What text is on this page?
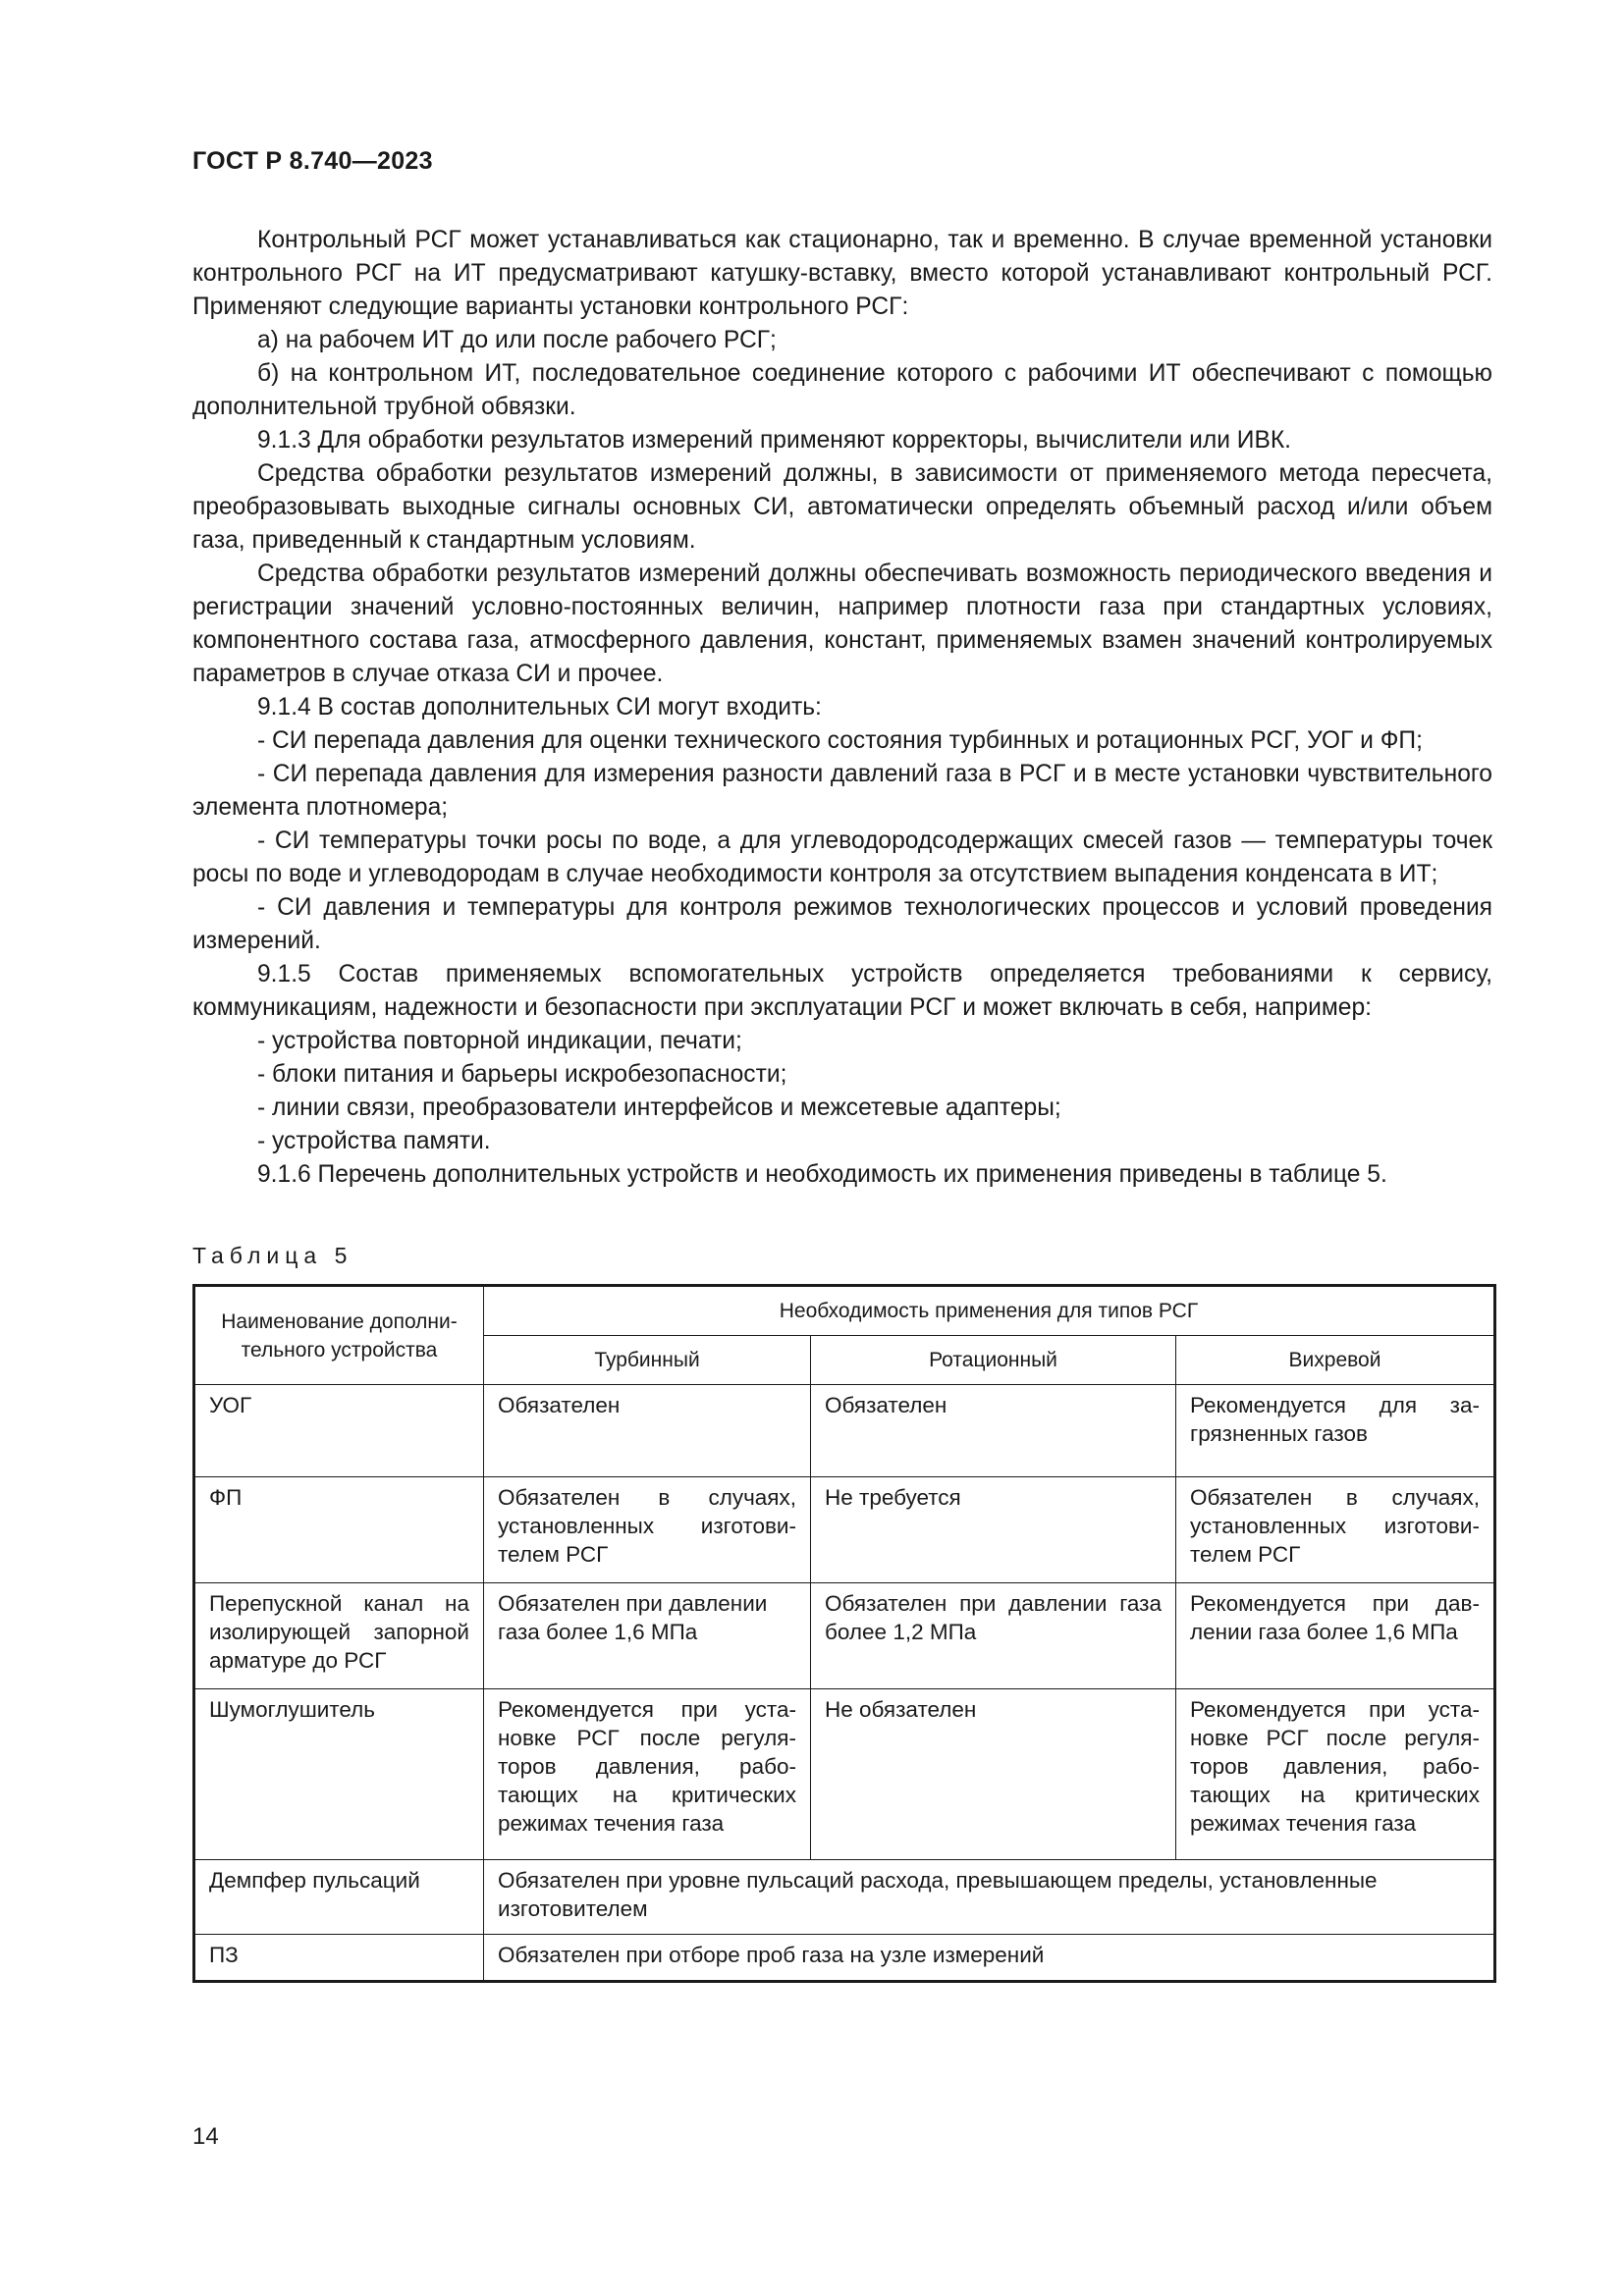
ГОСТ Р 8.740—2023

Контрольный РСГ может устанавливаться как стационарно, так и временно. В случае временной установки контрольного РСГ на ИТ предусматривают катушку-вставку, вместо которой устанавливают контрольный РСГ. Применяют следующие варианты установки контрольного РСГ:

а) на рабочем ИТ до или после рабочего РСГ;

б) на контрольном ИТ, последовательное соединение которого с рабочими ИТ обеспечивают с помощью дополнительной трубной обвязки.

9.1.3 Для обработки результатов измерений применяют корректоры, вычислители или ИВК.

Средства обработки результатов измерений должны, в зависимости от применяемого метода пересчета, преобразовывать выходные сигналы основных СИ, автоматически определять объемный расход и/или объем газа, приведенный к стандартным условиям.

Средства обработки результатов измерений должны обеспечивать возможность периодического введения и регистрации значений условно-постоянных величин, например плотности газа при стандартных условиях, компонентного состава газа, атмосферного давления, констант, применяемых взамен значений контролируемых параметров в случае отказа СИ и прочее.

9.1.4 В состав дополнительных СИ могут входить:

- СИ перепада давления для оценки технического состояния турбинных и ротационных РСГ, УОГ и ФП;

- СИ перепада давления для измерения разности давлений газа в РСГ и в месте установки чувствительного элемента плотномера;

- СИ температуры точки росы по воде, а для углеводородсодержащих смесей газов — температуры точек росы по воде и углеводородам в случае необходимости контроля за отсутствием выпадения конденсата в ИТ;

- СИ давления и температуры для контроля режимов технологических процессов и условий проведения измерений.

9.1.5 Состав применяемых вспомогательных устройств определяется требованиями к сервису, коммуникациям, надежности и безопасности при эксплуатации РСГ и может включать в себя, например:

- устройства повторной индикации, печати;

- блоки питания и барьеры искробезопасности;

- линии связи, преобразователи интерфейсов и межсетевые адаптеры;

- устройства памяти.

9.1.6 Перечень дополнительных устройств и необходимость их применения приведены в таблице 5.

Таблица 5
Наименование дополнительного устройства	Необходимость применения для типов РСГ		
	Турбинный	Ротационный	Вихревой
УОГ	Обязателен	Обязателен	Рекомендуется для загрязненных газов
ФП	Обязателен в случаях, установленных изготовителем РСГ	Не требуется	Обязателен в случаях, установленных изготовителем РСГ
Перепускной канал на изолирующей запорной арматуре до РСГ	Обязателен при давлении газа более 1,6 МПа	Обязателен при давлении газа более 1,2 МПа	Рекомендуется при давлении газа более 1,6 МПа
Шумоглушитель	Рекомендуется при установке РСГ после регуляторов давления, работающих на критических режимах течения газа	Не обязателен	Рекомендуется при установке РСГ после регуляторов давления, работающих на критических режимах течения газа
Демпфер пульсаций	Обязателен при уровне пульсаций расхода, превышающем пределы, установленные изготовителем		
ПЗ	Обязателен при отборе проб газа на узле измерений		
14
